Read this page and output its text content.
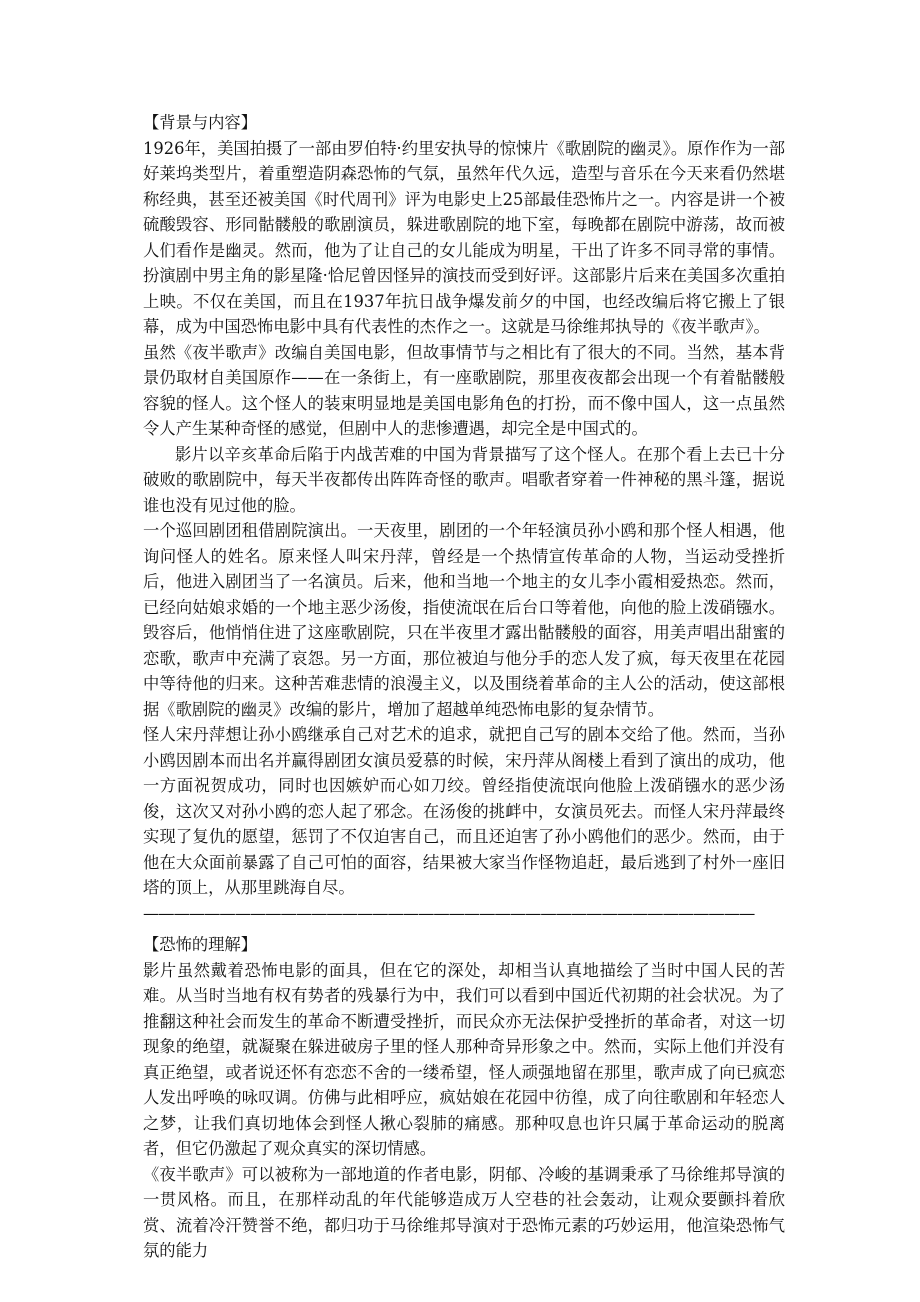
【背景与内容】

1926年，美国拍摄了一部由罗伯特·约里安执导的惊悚片《歌剧院的幽灵》。原作作为一部好莱坞类型片，着重塑造阴森恐怖的气氛，虽然年代久远，造型与音乐在今天来看仍然堪称经典，甚至还被美国《时代周刊》评为电影史上25部最佳恐怖片之一。内容是讲一个被硫酸毁容、形同骷髅般的歌剧演员，躲进歌剧院的地下室，每晚都在剧院中游荡，故而被人们看作是幽灵。然而，他为了让自己的女儿能成为明星，干出了许多不同寻常的事情。扮演剧中男主角的影星隆·恰尼曾因怪异的演技而受到好评。这部影片后来在美国多次重拍上映。不仅在美国，而且在1937年抗日战争爆发前夕的中国，也经改编后将它搬上了银幕，成为中国恐怖电影中具有代表性的杰作之一。这就是马徐维邦执导的《夜半歌声》。

虽然《夜半歌声》改编自美国电影，但故事情节与之相比有了很大的不同。当然，基本背景仍取材自美国原作——在一条街上，有一座歌剧院，那里夜夜都会出现一个有着骷髅般容貌的怪人。这个怪人的装束明显地是美国电影角色的打扮，而不像中国人，这一点虽然令人产生某种奇怪的感觉，但剧中人的悲惨遭遇，却完全是中国式的。

影片以辛亥革命后陷于内战苦难的中国为背景描写了这个怪人。在那个看上去已十分破败的歌剧院中，每天半夜都传出阵阵奇怪的歌声。唱歌者穿着一件神秘的黑斗篷，据说谁也没有见过他的脸。

一个巡回剧团租借剧院演出。一天夜里，剧团的一个年轻演员孙小鸥和那个怪人相遇，他询问怪人的姓名。原来怪人叫宋丹萍，曾经是一个热情宣传革命的人物，当运动受挫折后，他进入剧团当了一名演员。后来，他和当地一个地主的女儿李小霞相爱热恋。然而，已经向姑娘求婚的一个地主恶少汤俊，指使流氓在后台口等着他，向他的脸上泼硝镪水。毁容后，他悄悄住进了这座歌剧院，只在半夜里才露出骷髅般的面容，用美声唱出甜蜜的恋歌，歌声中充满了哀怨。另一方面，那位被迫与他分手的恋人发了疯，每天夜里在花园中等待他的归来。这种苦难悲情的浪漫主义，以及围绕着革命的主人公的活动，使这部根据《歌剧院的幽灵》改编的影片，增加了超越单纯恐怖电影的复杂情节。

怪人宋丹萍想让孙小鸥继承自己对艺术的追求，就把自己写的剧本交给了他。然而，当孙小鸥因剧本而出名并赢得剧团女演员爱慕的时候，宋丹萍从阁楼上看到了演出的成功，他一方面祝贺成功，同时也因嫉妒而心如刀绞。曾经指使流氓向他脸上泼硝镪水的恶少汤俊，这次又对孙小鸥的恋人起了邪念。在汤俊的挑衅中，女演员死去。而怪人宋丹萍最终实现了复仇的愿望，惩罚了不仅迫害自己，而且还迫害了孙小鸥他们的恶少。然而，由于他在大众面前暴露了自己可怕的面容，结果被大家当作怪物追赶，最后逃到了村外一座旧塔的顶上，从那里跳海自尽。

————————————————————————————————————————

【恐怖的理解】

影片虽然戴着恐怖电影的面具，但在它的深处，却相当认真地描绘了当时中国人民的苦难。从当时当地有权有势者的残暴行为中，我们可以看到中国近代初期的社会状况。为了推翻这种社会而发生的革命不断遭受挫折，而民众亦无法保护受挫折的革命者，对这一切现象的绝望，就凝聚在躲进破房子里的怪人那种奇异形象之中。然而，实际上他们并没有真正绝望，或者说还怀有恋恋不舍的一缕希望，怪人顽强地留在那里，歌声成了向已疯恋人发出呼唤的咏叹调。仿佛与此相呼应，疯姑娘在花园中彷徨，成了向往歌剧和年轻恋人之梦，让我们真切地体会到怪人揪心裂肺的痛感。那种叹息也许只属于革命运动的脱离者，但它仍激起了观众真实的深切情感。

《夜半歌声》可以被称为一部地道的作者电影，阴郁、冷峻的基调秉承了马徐维邦导演的一贯风格。而且，在那样动乱的年代能够造成万人空巷的社会轰动，让观众要颤抖着欣赏、流着冷汗赞誉不绝，都归功于马徐维邦导演对于恐怖元素的巧妙运用，他渲染恐怖气氛的能力
